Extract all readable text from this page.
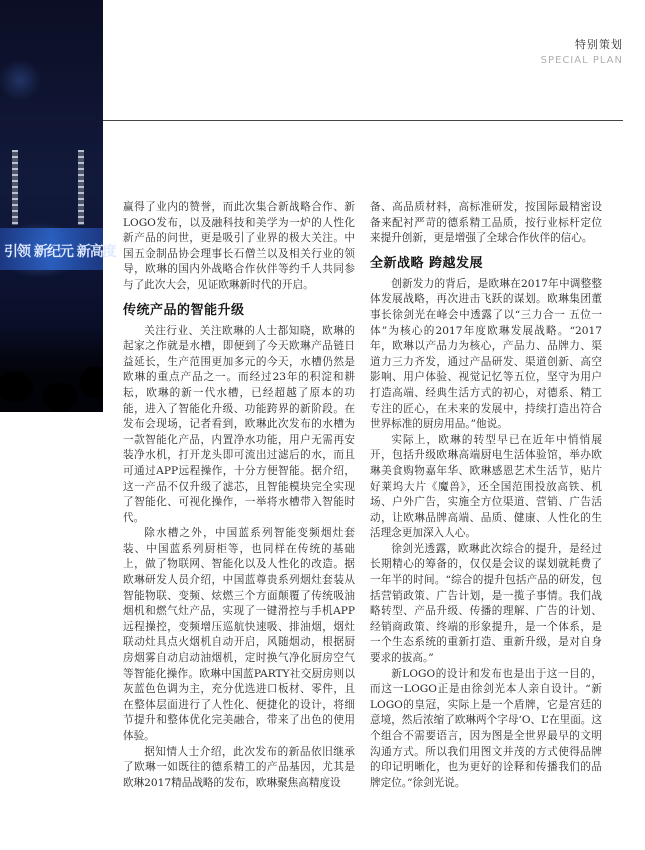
引领 新纪元 新高度
特别策划
SPECIAL PLAN

赢得了业内的赞誉，而此次集合新战略合作、新LOGO发布，以及融科技和美学为一炉的人性化新产品的问世，更是吸引了业界的极大关注。中国五金制品协会理事长石僧兰以及相关行业的领导，欧琳的国内外战略合作伙伴等约千人共同参与了此次大会，见证欧琳新时代的开启。

传统产品的智能升级

关注行业、关注欧琳的人士都知晓，欧琳的起家之作就是水槽，即便到了今天欧琳产品链日益延长，生产范围更加多元的今天，水槽仍然是欧琳的重点产品之一。而经过23年的积淀和耕耘，欧琳的新一代水槽，已经超越了原本的功能，进入了智能化升级、功能跨界的新阶段。在发布会现场，记者看到，欧琳此次发布的水槽为一款智能化产品，内置净水功能，用户无需再安装净水机，打开龙头即可流出过滤后的水，而且可通过APP远程操作，十分方便智能。据介绍，这一产品不仅升级了滤芯，且智能模块完全实现了智能化、可视化操作，一举将水槽带入智能时代。

除水槽之外，中国蓝系列智能变频烟灶套装、中国蓝系列厨柜等，也同样在传统的基础上，做了物联网、智能化以及人性化的改造。据欧琳研发人员介绍，中国蓝尊贵系列烟灶套装从智能物联、变频、炫燃三个方面颠覆了传统吸油烟机和燃气灶产品，实现了一键滑控与手机APP远程操控，变频增压巡航快速吸、排油烟，烟灶联动灶具点火烟机自动开启，风随烟动，根据厨房烟雾自动启动油烟机，定时换气净化厨房空气等智能化操作。欧琳中国蓝PARTY社交厨房则以灰蓝色色调为主，充分优选进口板材、零件，且在整体层面进行了人性化、便捷化的设计，将细节提升和整体优化完美融合，带来了出色的使用体验。

据知情人士介绍，此次发布的新品依旧继承了欧琳一如既往的德系精工的产品基因，尤其是欧琳2017精品战略的发布，欧琳聚焦高精度设

备、高品质材料，高标准研发，按国际最精密设备来配衬严苛的德系精工品质，按行业标杆定位来提升创新，更是增强了全球合作伙伴的信心。

全新战略 跨越发展

创新发力的背后，是欧琳在2017年中调整整体发展战略，再次进击飞跃的谋划。欧琳集团董事长徐剑光在峰会中透露了以“三力合一 五位一体”为核心的2017年度欧琳发展战略。“2017年，欧琳以产品力为核心，产品力、品牌力、渠道力三力齐发，通过产品研发、渠道创新、高空影响、用户体验、视觉记忆等五位，坚守为用户打造高端、经典生活方式的初心，对德系、精工专注的匠心，在未来的发展中，持续打造出符合世界标准的厨房用品。”他说。

实际上，欧琳的转型早已在近年中悄悄展开，包括升级欧琳高端厨电生活体验馆，举办欧琳美食购物嘉年华、欧琳感恩艺术生活节，贴片好莱坞大片《魔兽》，还全国范围投放高铁、机场、户外广告，实施全方位渠道、营销、广告活动，让欧琳品牌高端、品质、健康、人性化的生活理念更加深入人心。

徐剑光透露，欧琳此次综合的提升，是经过长期精心的筹备的，仅仅是会议的谋划就耗费了一年半的时间。“综合的提升包括产品的研发，包括营销政策、广告计划，是一揽子事情。我们战略转型、产品升级、传播的理解、广告的计划、经销商政策、终端的形象提升，是一个体系，是一个生态系统的重新打造、重新升级，是对自身要求的拔高。”

新LOGO的设计和发布也是出于这一目的，而这一LOGO正是由徐剑光本人亲自设计。“新LOGO的皇冠，实际上是一个盾牌，它是宫廷的意境，然后浓缩了欧琳两个字母‘O、L’在里面。这个组合不需要语言，因为图是全世界最早的文明沟通方式。所以我们用图文并茂的方式使得品牌的印记明晰化，也为更好的诠释和传播我们的品牌定位。”徐剑光说。
